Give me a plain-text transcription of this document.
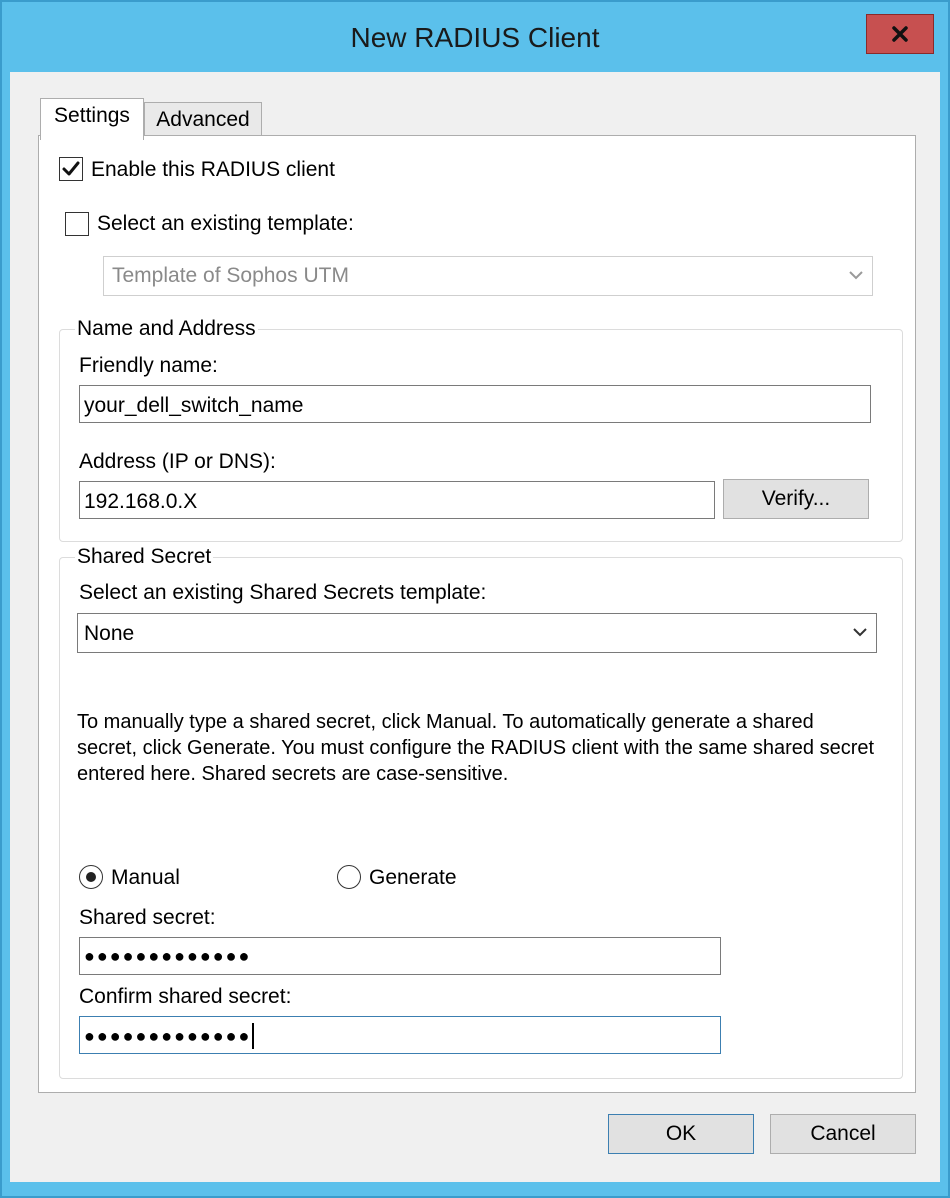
New RADIUS Client
Settings	Advanced
Enable this RADIUS client
Select an existing template:
Template of Sophos UTM
Name and Address
Friendly name:
your_dell_switch_name
Address (IP or DNS):
192.168.0.X	Verify...
Shared Secret
Select an existing Shared Secrets template:
None
To manually type a shared secret, click Manual. To automatically generate a shared secret, click Generate. You must configure the RADIUS client with the same shared secret entered here. Shared secrets are case-sensitive.
Manual	Generate
Shared secret:
●●●●●●●●●●●●●
Confirm shared secret:
●●●●●●●●●●●●●
OK	Cancel
